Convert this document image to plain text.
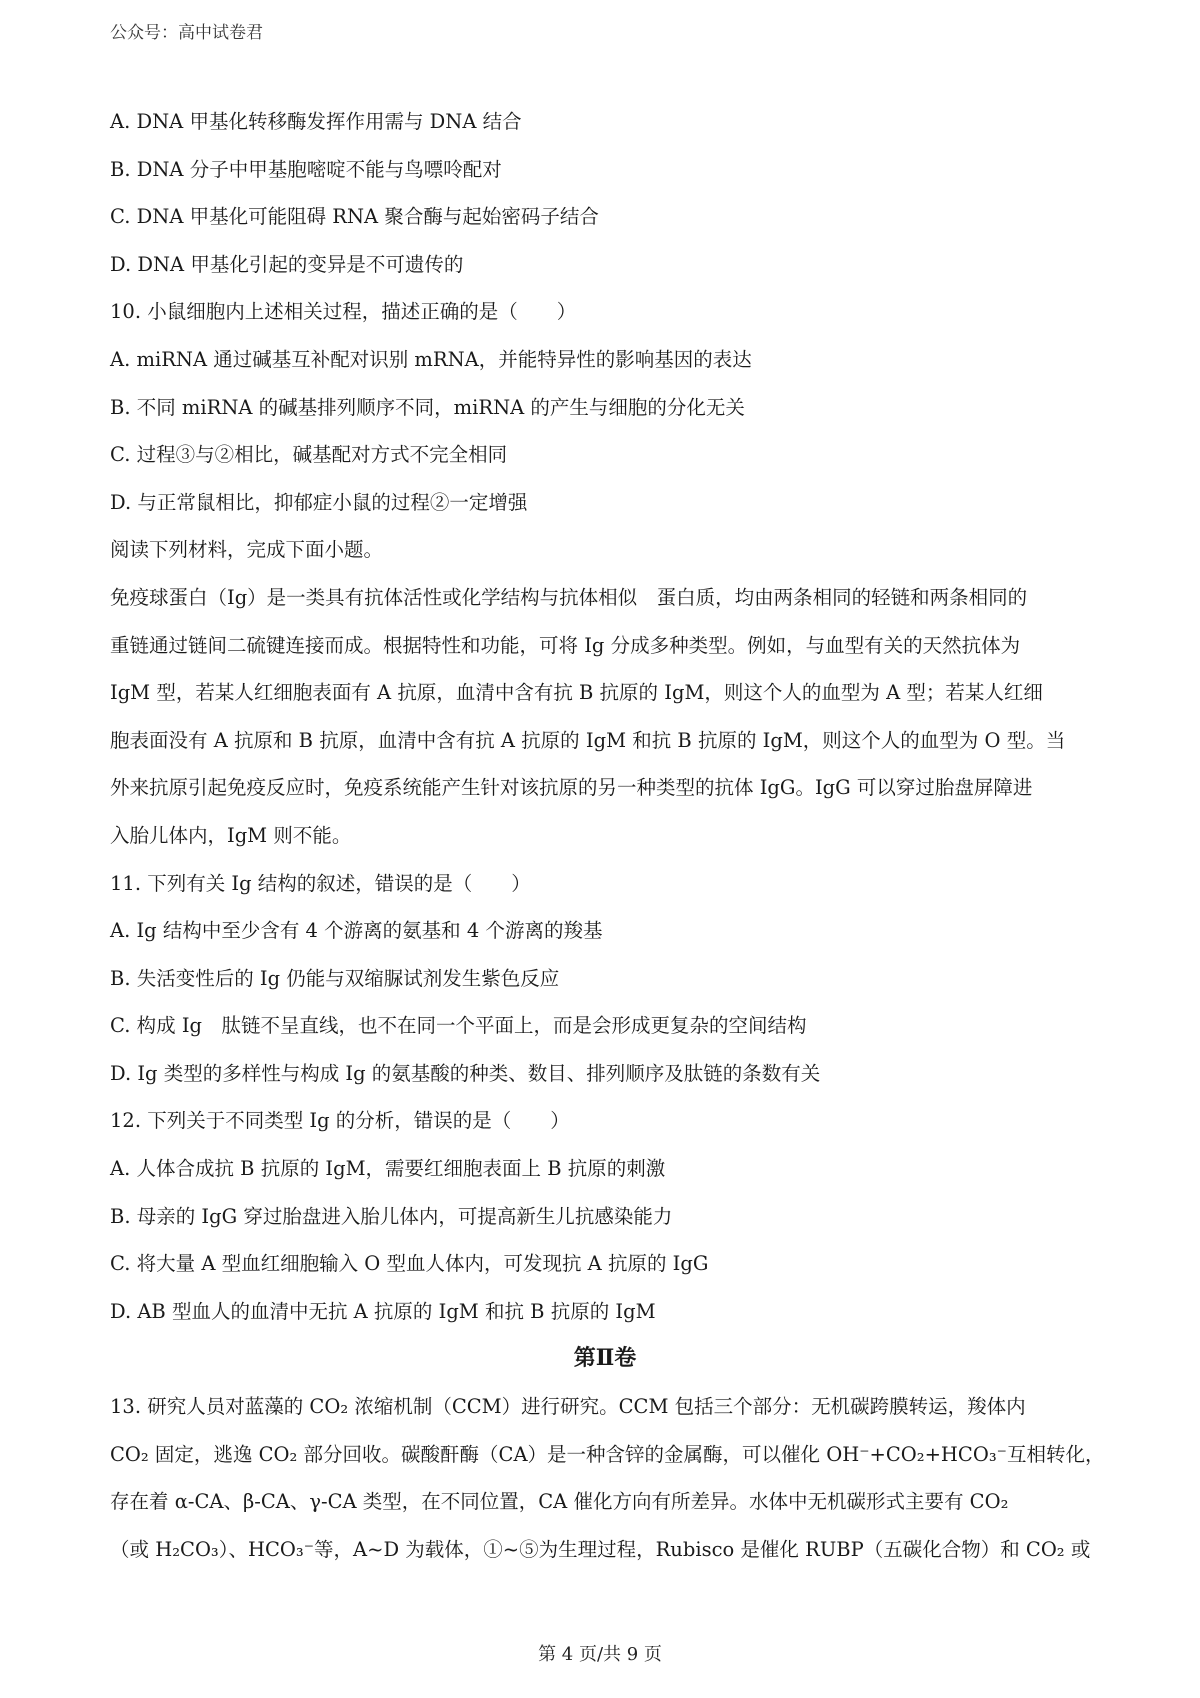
公众号：高中试卷君
A. DNA 甲基化转移酶发挥作用需与 DNA 结合
B. DNA 分子中甲基胞嘧啶不能与鸟嘌呤配对
C. DNA 甲基化可能阻碍 RNA 聚合酶与起始密码子结合
D. DNA 甲基化引起的变异是不可遗传的
10. 小鼠细胞内上述相关过程，描述正确的是（　　）
A. miRNA 通过碱基互补配对识别 mRNA，并能特异性的影响基因的表达
B. 不同 miRNA 的碱基排列顺序不同，miRNA 的产生与细胞的分化无关
C. 过程③与②相比，碱基配对方式不完全相同
D. 与正常鼠相比，抑郁症小鼠的过程②一定增强
阅读下列材料，完成下面小题。
免疫球蛋白（Ig）是一类具有抗体活性或化学结构与抗体相似　蛋白质，均由两条相同的轻链和两条相同的
重链通过链间二硫键连接而成。根据特性和功能，可将 Ig 分成多种类型。例如，与血型有关的天然抗体为
IgM 型，若某人红细胞表面有 A 抗原，血清中含有抗 B 抗原的 IgM，则这个人的血型为 A 型；若某人红细
胞表面没有 A 抗原和 B 抗原，血清中含有抗 A 抗原的 IgM 和抗 B 抗原的 IgM，则这个人的血型为 O 型。当
外来抗原引起免疫反应时，免疫系统能产生针对该抗原的另一种类型的抗体 IgG。IgG 可以穿过胎盘屏障进
入胎儿体内，IgM 则不能。
11. 下列有关 Ig 结构的叙述，错误的是（　　）
A. Ig 结构中至少含有 4 个游离的氨基和 4 个游离的羧基
B. 失活变性后的 Ig 仍能与双缩脲试剂发生紫色反应
C. 构成 Ig　肽链不呈直线，也不在同一个平面上，而是会形成更复杂的空间结构
D. Ig 类型的多样性与构成 Ig 的氨基酸的种类、数目、排列顺序及肽链的条数有关
12. 下列关于不同类型 Ig 的分析，错误的是（　　）
A. 人体合成抗 B 抗原的 IgM，需要红细胞表面上 B 抗原的刺激
B. 母亲的 IgG 穿过胎盘进入胎儿体内，可提高新生儿抗感染能力
C. 将大量 A 型血红细胞输入 O 型血人体内，可发现抗 A 抗原的 IgG
D. AB 型血人的血清中无抗 A 抗原的 IgM 和抗 B 抗原的 IgM
第Ⅱ卷
13. 研究人员对蓝藻的 CO₂ 浓缩机制（CCM）进行研究。CCM 包括三个部分：无机碳跨膜转运，羧体内
CO₂ 固定，逃逸 CO₂ 部分回收。碳酸酐酶（CA）是一种含锌的金属酶，可以催化 OH⁻+CO₂+HCO₃⁻互相转化，
存在着 α-CA、β-CA、γ-CA 类型，在不同位置，CA 催化方向有所差异。水体中无机碳形式主要有 CO₂
（或 H₂CO₃）、HCO₃⁻等，A~D 为载体，①~⑤为生理过程，Rubisco 是催化 RUBP（五碳化合物）和 CO₂ 或
第 4 页/共 9 页
